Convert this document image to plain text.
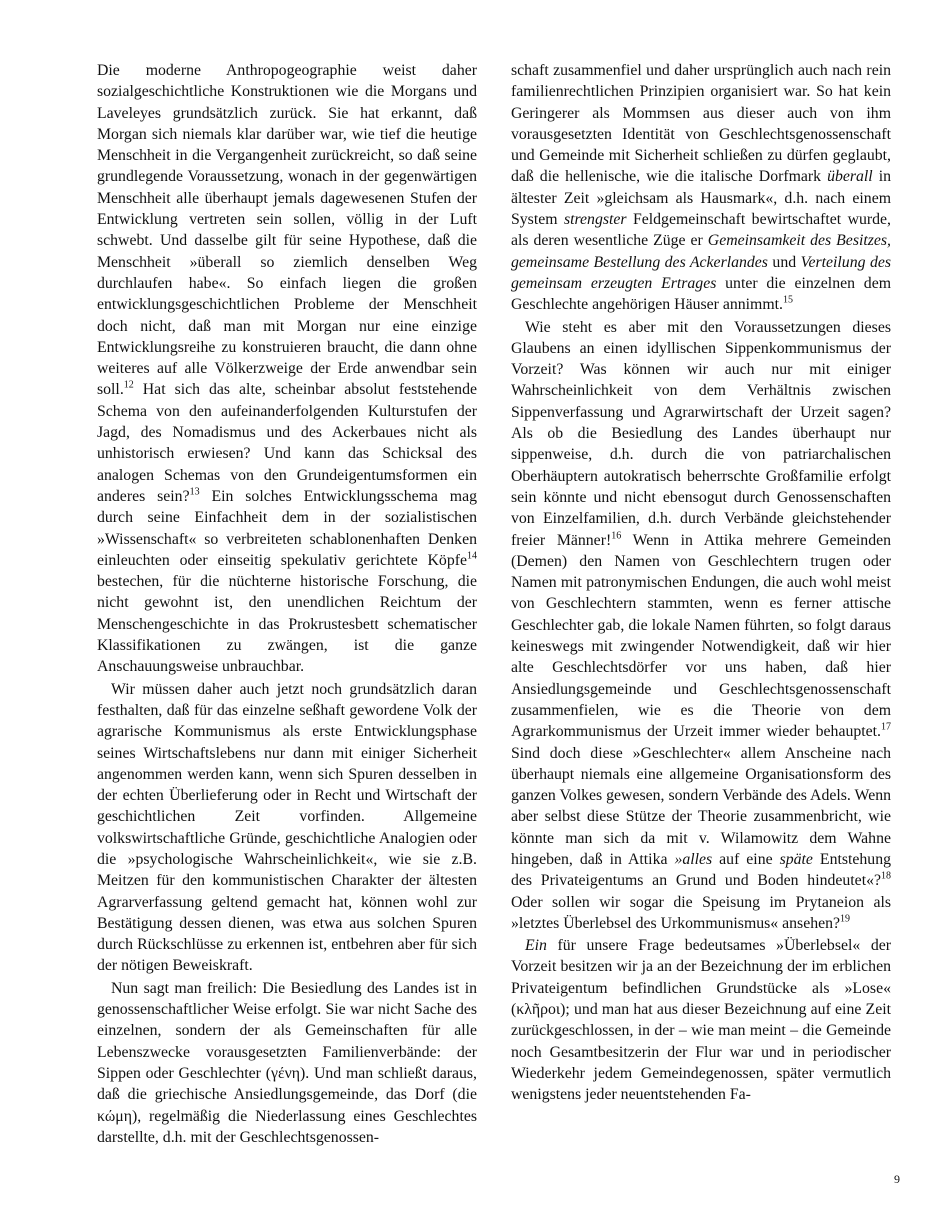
Die moderne Anthropogeographie weist daher sozialgeschichtliche Konstruktionen wie die Morgans und Laveleyes grundsätzlich zurück. Sie hat erkannt, daß Morgan sich niemals klar darüber war, wie tief die heutige Menschheit in die Vergangenheit zurückreicht, so daß seine grundlegende Voraussetzung, wonach in der gegenwärtigen Menschheit alle überhaupt jemals dagewesenen Stufen der Entwicklung vertreten sein sollen, völlig in der Luft schwebt. Und dasselbe gilt für seine Hypothese, daß die Menschheit »überall so ziemlich denselben Weg durchlaufen habe«. So einfach liegen die großen entwicklungsgeschichtlichen Probleme der Menschheit doch nicht, daß man mit Morgan nur eine einzige Entwicklungsreihe zu konstruieren braucht, die dann ohne weiteres auf alle Völkerzweige der Erde anwendbar sein soll.$^{12}$ Hat sich das alte, scheinbar absolut feststehende Schema von den aufeinanderfolgenden Kulturstufen der Jagd, des Nomadismus und des Ackerbaues nicht als unhistorisch erwiesen? Und kann das Schicksal des analogen Schemas von den Grundeigentumsformen ein anderes sein?$^{13}$ Ein solches Entwicklungsschema mag durch seine Einfachheit dem in der sozialistischen »Wissenschaft« so verbreiteten schablonenhaften Denken einleuchten oder einseitig spekulativ gerichtete Köpfe$^{14}$ bestechen, für die nüchterne historische Forschung, die nicht gewohnt ist, den unendlichen Reichtum der Menschengeschichte in das Prokrustesbett schematischer Klassifikationen zu zwängen, ist die ganze Anschauungsweise unbrauchbar.

Wir müssen daher auch jetzt noch grundsätzlich daran festhalten, daß für das einzelne seßhaft gewordene Volk der agrarische Kommunismus als erste Entwicklungsphase seines Wirtschaftslebens nur dann mit einiger Sicherheit angenommen werden kann, wenn sich Spuren desselben in der echten Überlieferung oder in Recht und Wirtschaft der geschichtlichen Zeit vorfinden. Allgemeine volkswirtschaftliche Gründe, geschichtliche Analogien oder die »psychologische Wahrscheinlichkeit«, wie sie z.B. Meitzen für den kommunistischen Charakter der ältesten Agrarverfassung geltend gemacht hat, können wohl zur Bestätigung dessen dienen, was etwa aus solchen Spuren durch Rückschlüsse zu erkennen ist, entbehren aber für sich der nötigen Beweiskraft.

Nun sagt man freilich: Die Besiedlung des Landes ist in genossenschaftlicher Weise erfolgt. Sie war nicht Sache des einzelnen, sondern der als Gemeinschaften für alle Lebenszwecke vorausgesetzten Familienverbände: der Sippen oder Geschlechter (γένη). Und man schließt daraus, daß die griechische Ansiedlungsgemeinde, das Dorf (die κώμη), regelmäßig die Niederlassung eines Geschlechtes darstellte, d.h. mit der Geschlechtsgenossen-

schaft zusammenfiel und daher ursprünglich auch nach rein familienrechtlichen Prinzipien organisiert war. So hat kein Geringerer als Mommsen aus dieser auch von ihm vorausgesetzten Identität von Geschlechtsgenossenschaft und Gemeinde mit Sicherheit schließen zu dürfen geglaubt, daß die hellenische, wie die italische Dorfmark überall in ältester Zeit »gleichsam als Hausmark«, d.h. nach einem System strengster Feldgemeinschaft bewirtschaftet wurde, als deren wesentliche Züge er Gemeinsamkeit des Besitzes, gemeinsame Bestellung des Ackerlandes und Verteilung des gemeinsam erzeugten Ertrages unter die einzelnen dem Geschlechte angehörigen Häuser annimmt.$^{15}$

Wie steht es aber mit den Voraussetzungen dieses Glaubens an einen idyllischen Sippenkommunismus der Vorzeit? Was können wir auch nur mit einiger Wahrscheinlichkeit von dem Verhältnis zwischen Sippenverfassung und Agrarwirtschaft der Urzeit sagen? Als ob die Besiedlung des Landes überhaupt nur sippenweise, d.h. durch die von patriarchalischen Oberhäuptern autokratisch beherrschte Großfamilie erfolgt sein könnte und nicht ebensogut durch Genossenschaften von Einzelfamilien, d.h. durch Verbände gleichstehender freier Männer!$^{16}$ Wenn in Attika mehrere Gemeinden (Demen) den Namen von Geschlechtern trugen oder Namen mit patronymischen Endungen, die auch wohl meist von Geschlechtern stammten, wenn es ferner attische Geschlechter gab, die lokale Namen führten, so folgt daraus keineswegs mit zwingender Notwendigkeit, daß wir hier alte Geschlechtsdörfer vor uns haben, daß hier Ansiedlungsgemeinde und Geschlechtsgenossenschaft zusammenfielen, wie es die Theorie von dem Agrarkommunismus der Urzeit immer wieder behauptet.$^{17}$ Sind doch diese »Geschlechter« allem Anscheine nach überhaupt niemals eine allgemeine Organisationsform des ganzen Volkes gewesen, sondern Verbände des Adels. Wenn aber selbst diese Stütze der Theorie zusammenbricht, wie könnte man sich da mit v. Wilamowitz dem Wahne hingeben, daß in Attika »alles auf eine späte Entstehung des Privateigentums an Grund und Boden hindeutet«?$^{18}$ Oder sollen wir sogar die Speisung im Prytaneion als »letztes Überlebsel des Urkommunismus« ansehen?$^{19}$

Ein für unsere Frage bedeutsames »Überlebsel« der Vorzeit besitzen wir ja an der Bezeichnung der im erblichen Privateigentum befindlichen Grundstücke als »Lose« (κλῆροι); und man hat aus dieser Bezeichnung auf eine Zeit zurückgeschlossen, in der – wie man meint – die Gemeinde noch Gesamtbesitzerin der Flur war und in periodischer Wiederkehr jedem Gemeindegenossen, später vermutlich wenigstens jeder neuentstehenden Fa-

9
